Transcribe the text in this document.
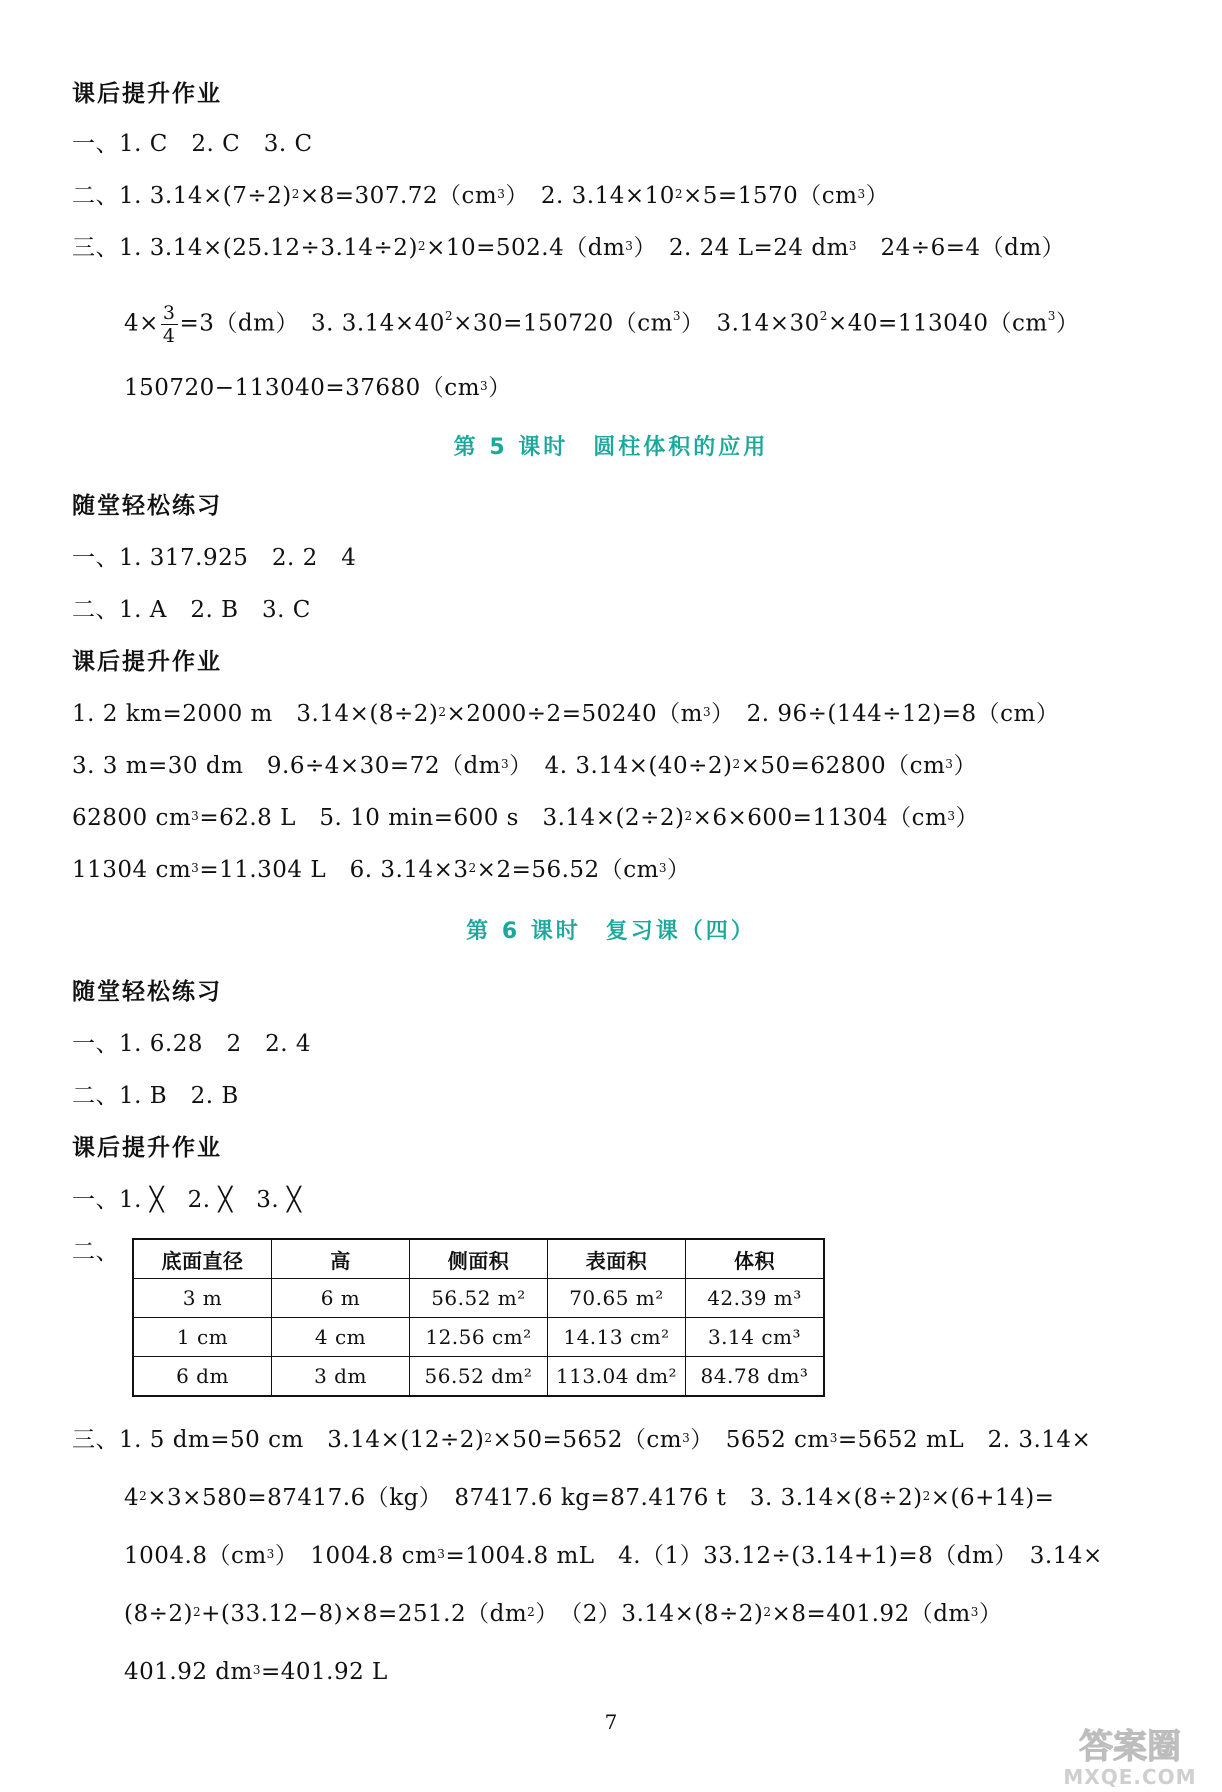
课后提升作业
一、1. C　2. C　3. C
二、1. $3.14\times(7\div 2)^2\times 8=307.72(cm^3)$　2. $3.14\times 10^2\times 5=1570(cm^3)$
三、1. $3.14\times(25.12\div 3.14\div 2)^2\times 10=502.4(dm^3)$　2. 24 L=24 $dm^3$　24÷6=4（dm）
$4\times \frac{3}{4} =3(dm)$　3. $3.14\times 40^2\times 30=150720(cm^3)$　$3.14\times 30^2\times 40=113040(cm^3)$
$150720-113040=37680(cm^3)$
第 5 课时　圆柱体积的应用
随堂轻松练习
一、1. 317.925　2. 2　4
二、1. A　2. B　3. C
课后提升作业
1. 2 km=2000 m　$3.14\times(8\div 2)^2\times 2000\div 2=50240(m^3)$　2. 96÷(144÷12)=8（cm）
3. 3 m=30 dm　$9.6\div 4\times 30=72(dm^3)$　4. $3.14\times(40\div 2)^2\times 50=62800(cm^3)$
62800 $cm^3=62.8$ L　5. 10 min=600 s　$3.14\times(2\div 2)^2\times 6\times 600=11304(cm^3)$
11304 $cm^3=11.304$ L　6. $3.14\times 3^2\times 2=56.52(cm^3)$
第 6 课时　复习课（四）
随堂轻松练习
一、1. 6.28　2　2. 4
二、1. B　2. B
课后提升作业
一、1. ╳　2. ╳　3. ╳
二、 底面直径	高	侧面积	表面积	体积
3 m	6 m	56.52 m²	70.65 m²	42.39 m³
1 cm	4 cm	12.56 cm²	14.13 cm²	3.14 cm³
6 dm	3 dm	56.52 dm²	113.04 dm²	84.78 dm³
三、1. 5 dm=50 cm　$3.14\times(12\div 2)^2\times 50=5652(cm^3)$　5652 $cm^3=5652$ mL　2. 3.14×
$4^2\times 3\times 580=87417.6(kg)$　87417.6 kg=87.4176 t　3. $3.14\times(8\div 2)^2\times(6+14)=$
$1004.8(cm^3)$　1004.8 $cm^3=1004.8$ mL　4.（1）33.12÷(3.14+1)=8（dm）　3.14×
$(8\div 2)^2+(33.12-8)\times 8=251.2(dm^2)$　$(2)3.14\times(8\div 2)^2\times 8=401.92(dm^3)$
401.92 $dm^3=401.92$ L
7
答案圈
MXQE.COM
